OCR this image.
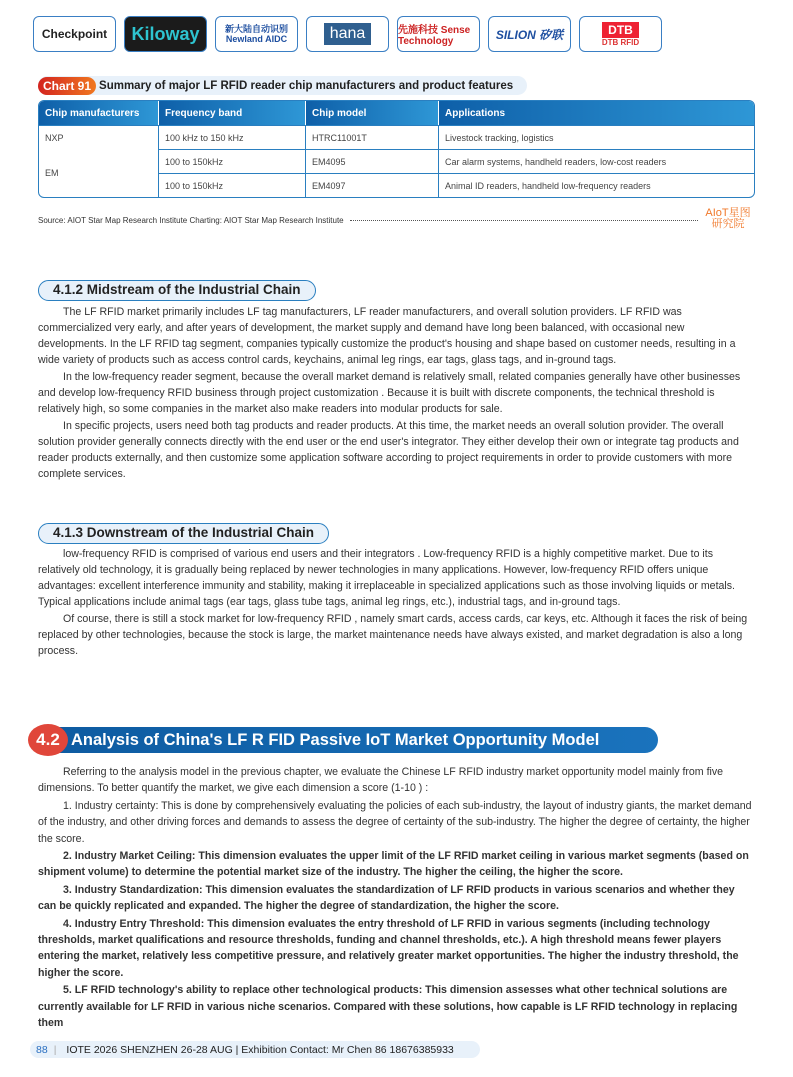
Checkpoint	Kiloway	新大陆自动识别 Newland AIDC	hana	先施科技 Sense Technology	SILION 矽联	DTB
DTB RFID
Chart 91 Summary of major LF RFID reader chip manufacturers and product features
Chip manufacturers	Frequency band	Chip model	Applications
NXP	100 kHz to 150 kHz	HTRC11001T	Livestock tracking, logistics
EM	100 to 150kHz	EM4095	Car alarm systems, handheld readers, low-cost readers
	100 to 150kHz	EM4097	Animal ID readers, handheld low-frequency readers
Source: AIOT Star Map Research Institute Charting: AIOT Star Map Research Institute
AIoT星图研究院
4.1.2 Midstream of the Industrial Chain

The LF RFID market primarily includes LF tag manufacturers, LF reader manufacturers, and overall solution providers. LF RFID was commercialized very early, and after years of development, the market supply and demand have long been balanced, with occasional new developments. In the LF RFID tag segment, companies typically customize the product's housing and shape based on customer needs, resulting in a wide variety of products such as access control cards, keychains, animal leg rings, ear tags, glass tags, and in-ground tags.

In the low-frequency reader segment, because the overall market demand is relatively small, related companies generally have other businesses and develop low-frequency RFID business through project customization . Because it is built with discrete components, the technical threshold is relatively high, so some companies in the market also make readers into modular products for sale.

In specific projects, users need both tag products and reader products. At this time, the market needs an overall solution provider. The overall solution provider generally connects directly with the end user or the end user's integrator. They either develop their own or integrate tag products and reader products externally, and then customize some application software according to project requirements in order to provide customers with more complete services.

4.1.3 Downstream of the Industrial Chain

low-frequency RFID is comprised of various end users and their integrators . Low-frequency RFID is a highly competitive market. Due to its relatively old technology, it is gradually being replaced by newer technologies in many applications. However, low-frequency RFID offers unique advantages: excellent interference immunity and stability, making it irreplaceable in specialized applications such as those involving liquids or metals. Typical applications include animal tags (ear tags, glass tube tags, animal leg rings, etc.), industrial tags, and in-ground tags.

Of course, there is still a stock market for low-frequency RFID , namely smart cards, access cards, car keys, etc. Although it faces the risk of being replaced by other technologies, because the stock is large, the market maintenance needs have always existed, and market degradation is also a long process.

4.2 Analysis of China's LF R FID Passive IoT Market Opportunity Model

Referring to the analysis model in the previous chapter, we evaluate the Chinese LF RFID industry market opportunity model mainly from five dimensions. To better quantify the market, we give each dimension a score (1-10 ) :

1. Industry certainty: This is done by comprehensively evaluating the policies of each sub-industry, the layout of industry giants, the market demand of the industry, and other driving forces and demands to assess the degree of certainty of the sub-industry. The higher the degree of certainty, the higher the score.

2. Industry Market Ceiling: This dimension evaluates the upper limit of the LF RFID market ceiling in various market segments (based on shipment volume) to determine the potential market size of the industry. The higher the ceiling, the higher the score.

3. Industry Standardization: This dimension evaluates the standardization of LF RFID products in various scenarios and whether they can be quickly replicated and expanded. The higher the degree of standardization, the higher the score.

4. Industry Entry Threshold: This dimension evaluates the entry threshold of LF RFID in various segments (including technology thresholds, market qualifications and resource thresholds, funding and channel thresholds, etc.). A high threshold means fewer players entering the market, relatively less competitive pressure, and relatively greater market opportunities. The higher the industry threshold, the higher the score.

5. LF RFID technology's ability to replace other technological products: This dimension assesses what other technical solutions are currently available for LF RFID in various niche scenarios. Compared with these solutions, how capable is LF RFID technology in replacing them

88 | IOTE 2026 SHENZHEN 26-28 AUG | Exhibition Contact: Mr Chen 86 18676385933
